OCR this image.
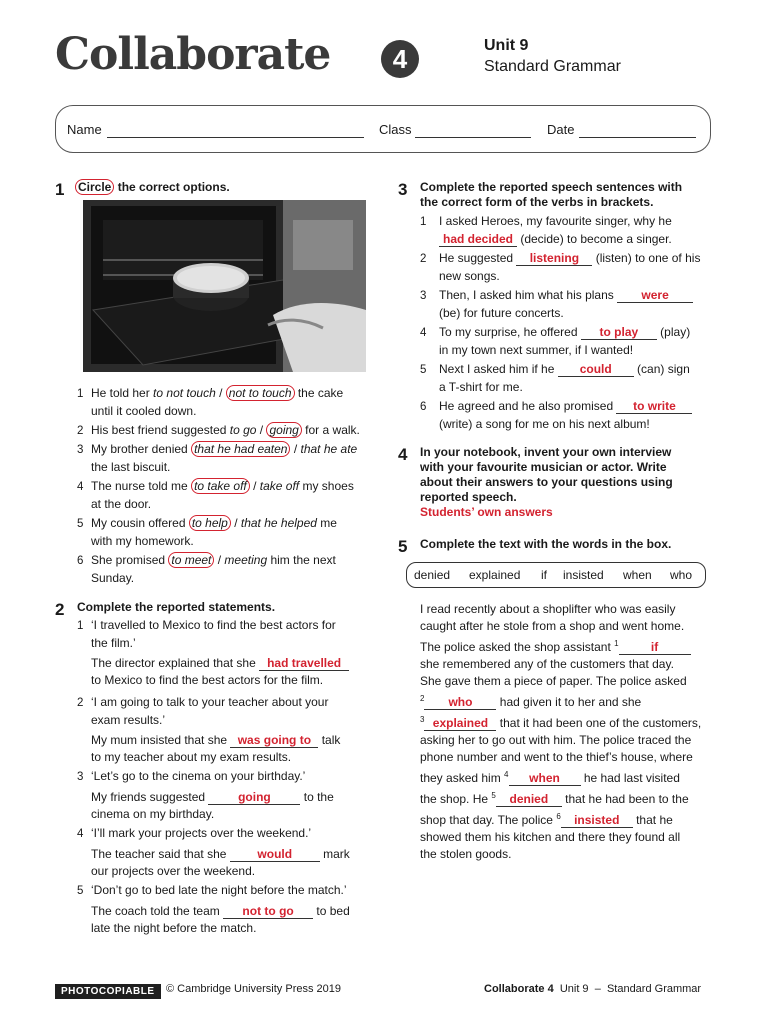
Collaborate	4	Unit 9
Standard Grammar
Name	Class	Date
1 Circle the correct options.
1 He told her to not touch / not to touch the cake
until it cooled down.
2 His best friend suggested to go / going for a walk.
3 My brother denied that he had eaten / that he ate
the last biscuit.
4 The nurse told me to take off / take off my shoes
at the door.
5 My cousin offered to help / that he helped me
with my homework.
6 She promised to meet / meeting him the next
Sunday.
2 Complete the reported statements.
1 ‘I travelled to Mexico to find the best actors for
the film.’

The director explained that she had travelled
to Mexico to find the best actors for the film.
2 ‘I am going to talk to your teacher about your
exam results.’

My mum insisted that she was going to talk
to my teacher about my exam results.
3 ‘Let’s go to the cinema on your birthday.’

My friends suggested going to the
cinema on my birthday.
4 ‘I’ll mark your projects over the weekend.’

The teacher said that she would mark
our projects over the weekend.
5 ‘Don’t go to bed late the night before the match.’

The coach told the team not to go to bed
late the night before the match.
3 Complete the reported speech sentences with
the correct form of the verbs in brackets.
1 I asked Heroes, my favourite singer, why he
had decided (decide) to become a singer.
2 He suggested listening (listen) to one of his
new songs.
3 Then, I asked him what his plans were
(be) for future concerts.
4 To my surprise, he offered to play (play)
in my town next summer, if I wanted!
5 Next I asked him if he could (can) sign
a T-shirt for me.
6 He agreed and he also promised to write
(write) a song for me on his next album!
4 In your notebook, invent your own interview
with your favourite musician or actor. Write
about their answers to your questions using
reported speech.
Students’ own answers
5 Complete the text with the words in the box.
denied explained if insisted when who
I read recently about a shoplifter who was easily
caught after he stole from a shop and went home.
The police asked the shop assistant $^1$	if
she remembered any of the customers that day.
She gave them a piece of paper. The police asked
$^2$ who had given it to her and she
$^3$ explained that it had been one of the customers,
asking her to go out with him. The police traced the
phone number and went to the thief’s house, where
they asked him $^4$ when he had last visited
the shop. He $^5$ denied that he had been to the
shop that day. The police $^6$ insisted that he
showed them his kitchen and there they found all
the stolen goods.
PHOTOCOPIABLE	© Cambridge University Press 2019	Collaborate 4 Unit 9 – Standard Grammar
